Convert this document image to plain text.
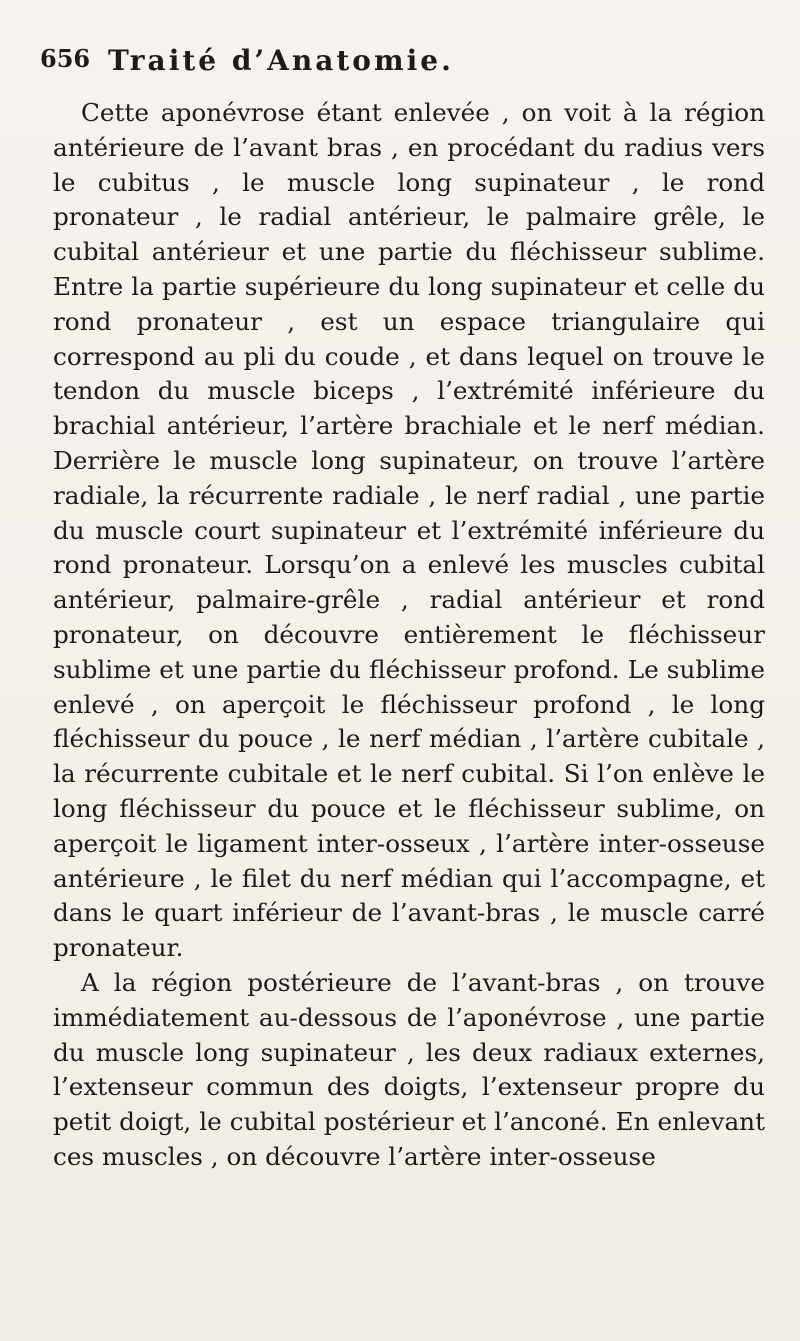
656 Traité d’Anatomie.

Cette aponévrose étant enlevée , on voit à la région antérieure de l’avant bras , en procédant du radius vers le cubitus , le muscle long supinateur , le rond pronateur , le radial antérieur, le palmaire grêle, le cubital antérieur et une partie du fléchisseur sublime. Entre la partie supérieure du long supinateur et celle du rond pronateur , est un espace triangulaire qui correspond au pli du coude , et dans lequel on trouve le tendon du muscle biceps , l’extrémité inférieure du brachial antérieur, l’artère brachiale et le nerf médian. Derrière le muscle long supinateur, on trouve l’artère radiale, la récurrente radiale , le nerf radial , une partie du muscle court supinateur et l’extrémité inférieure du rond pronateur. Lorsqu’on a enlevé les muscles cubital antérieur, palmaire-grêle , radial antérieur et rond pronateur, on découvre entièrement le fléchisseur sublime et une partie du fléchisseur profond. Le sublime enlevé , on aperçoit le fléchisseur profond , le long fléchisseur du pouce , le nerf médian , l’artère cubitale , la récurrente cubitale et le nerf cubital. Si l’on enlève le long fléchisseur du pouce et le fléchisseur sublime, on aperçoit le ligament inter-osseux , l’artère inter-osseuse antérieure , le filet du nerf médian qui l’accompagne, et dans le quart inférieur de l’avant-bras , le muscle carré pronateur.

A la région postérieure de l’avant-bras , on trouve immédiatement au-dessous de l’aponévrose , une partie du muscle long supinateur , les deux radiaux externes, l’extenseur commun des doigts, l’extenseur propre du petit doigt, le cubital postérieur et l’anconé. En enlevant ces muscles , on découvre l’artère inter-osseuse
